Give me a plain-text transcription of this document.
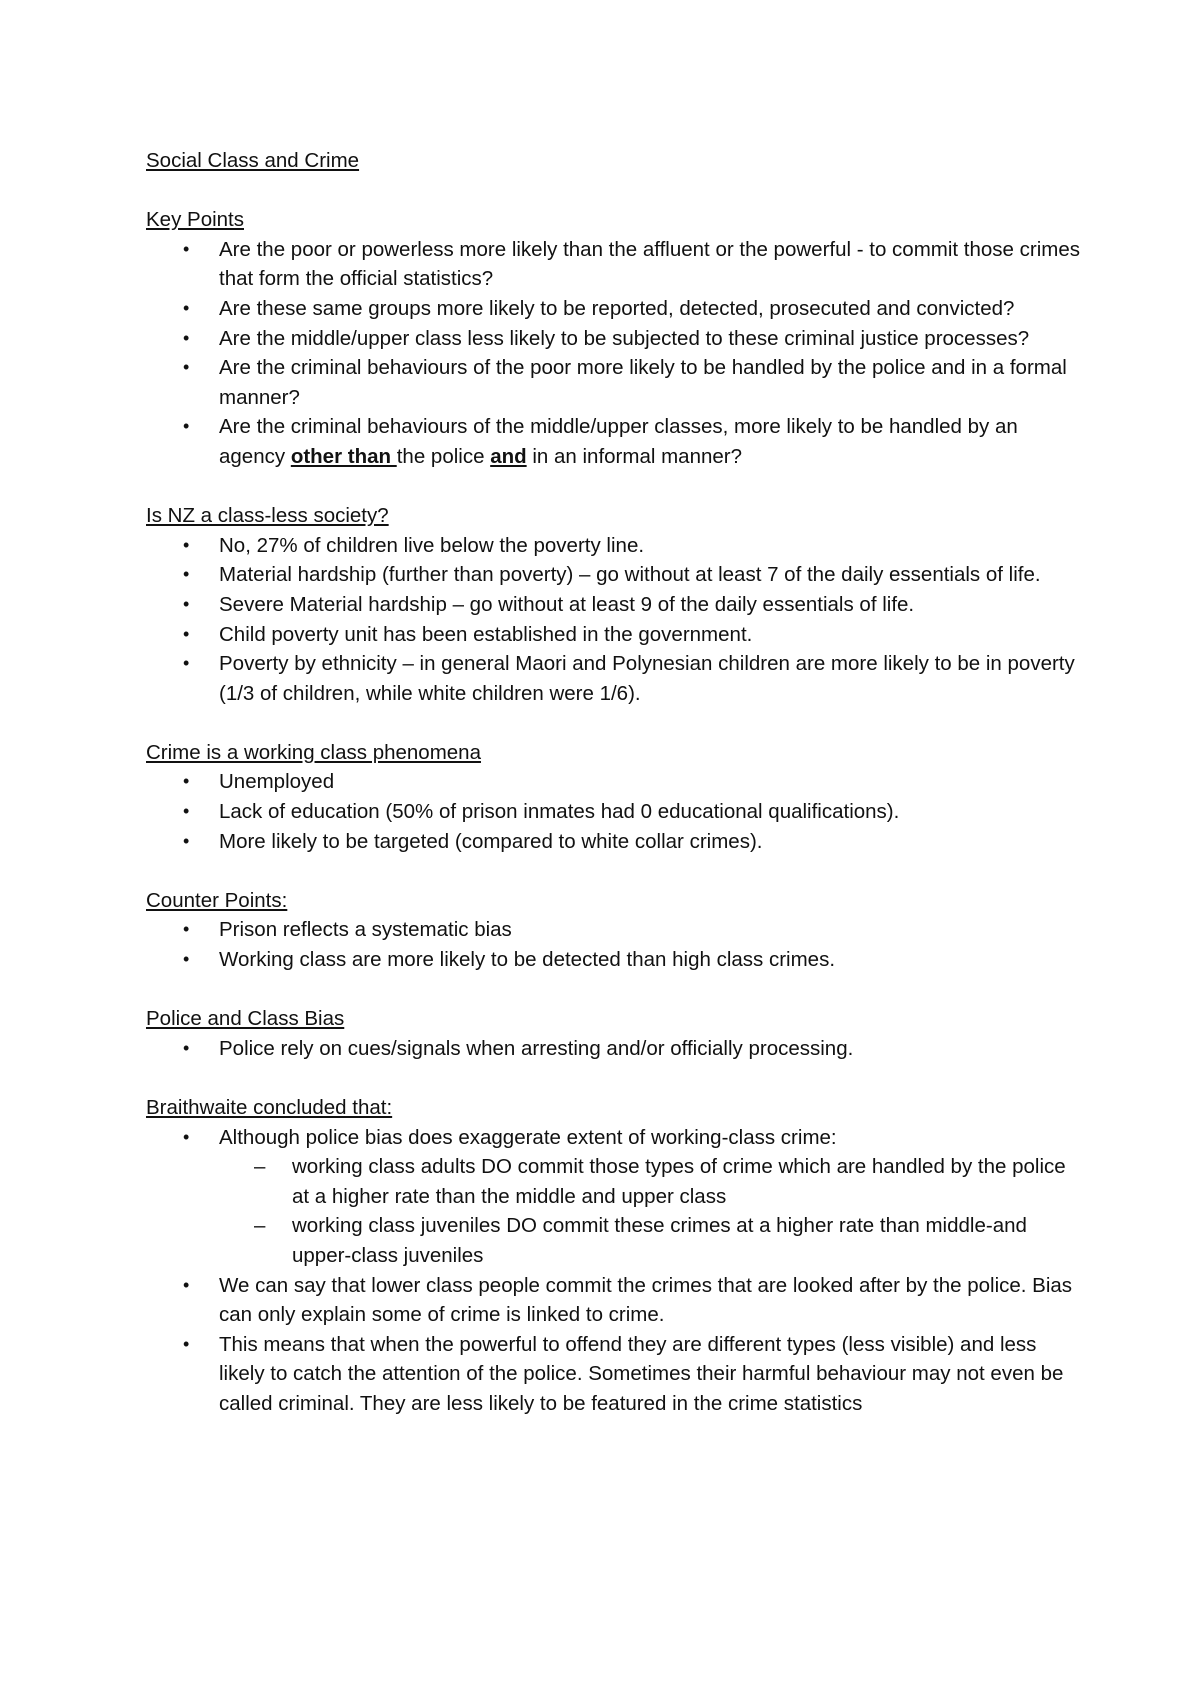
Social Class and Crime
Key Points
• Are the poor or powerless more likely than the affluent or the powerful - to commit those crimes that form the official statistics?
• Are these same groups more likely to be reported, detected, prosecuted and convicted?
• Are the middle/upper class less likely to be subjected to these criminal justice processes?
• Are the criminal behaviours of the poor more likely to be handled by the police and in a formal manner?
• Are the criminal behaviours of the middle/upper classes, more likely to be handled by an agency other than the police and in an informal manner?
Is NZ a class-less society?
• No, 27% of children live below the poverty line.
• Material hardship (further than poverty) – go without at least 7 of the daily essentials of life.
• Severe Material hardship – go without at least 9 of the daily essentials of life.
• Child poverty unit has been established in the government.
• Poverty by ethnicity – in general Maori and Polynesian children are more likely to be in poverty (1/3 of children, while white children were 1/6).
Crime is a working class phenomena
• Unemployed
• Lack of education (50% of prison inmates had 0 educational qualifications).
• More likely to be targeted (compared to white collar crimes).
Counter Points:
• Prison reflects a systematic bias
• Working class are more likely to be detected than high class crimes.
Police and Class Bias
• Police rely on cues/signals when arresting and/or officially processing.
Braithwaite concluded that:
• Although police bias does exaggerate extent of working-class crime:
– working class adults DO commit those types of crime which are handled by the police at a higher rate than the middle and upper class
– working class juveniles DO commit these crimes at a higher rate than middle-and upper-class juveniles
• We can say that lower class people commit the crimes that are looked after by the police. Bias can only explain some of crime is linked to crime.
• This means that when the powerful to offend they are different types (less visible) and less likely to catch the attention of the police. Sometimes their harmful behaviour may not even be called criminal. They are less likely to be featured in the crime statistics
